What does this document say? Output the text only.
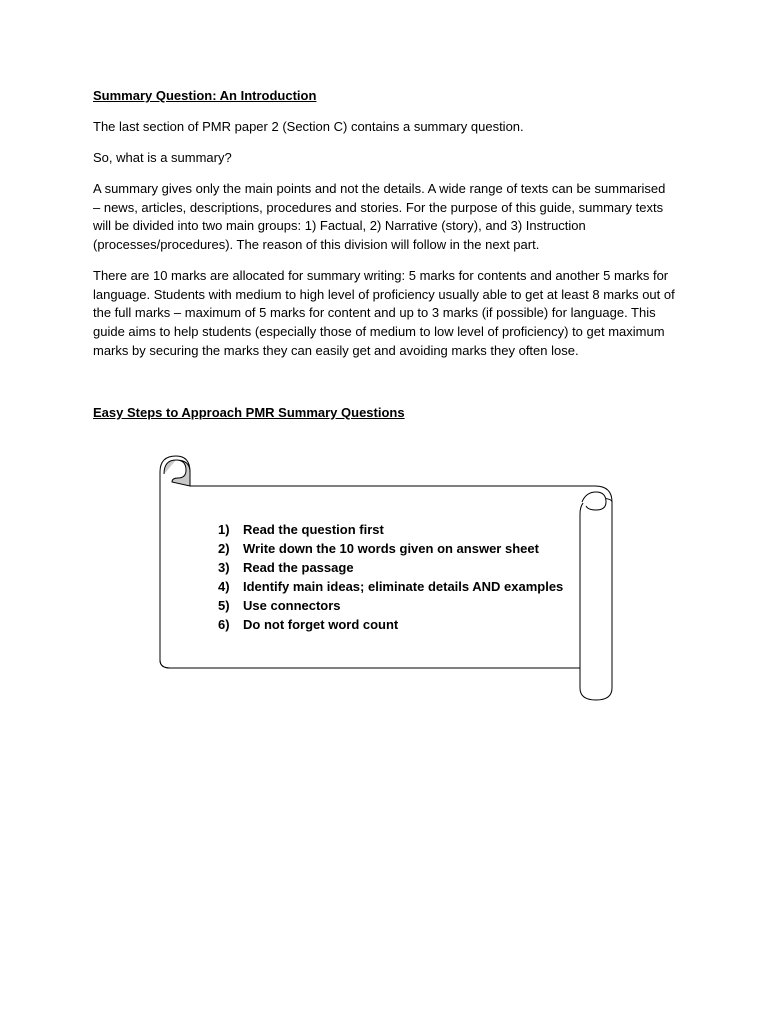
Summary Question: An Introduction

The last section of PMR paper 2 (Section C) contains a summary question.

So, what is a summary?

A summary gives only the main points and not the details. A wide range of texts can be summarised – news, articles, descriptions, procedures and stories. For the purpose of this guide, summary texts will be divided into two main groups: 1) Factual, 2) Narrative (story), and 3) Instruction (processes/procedures). The reason of this division will follow in the next part.

There are 10 marks are allocated for summary writing: 5 marks for contents and another 5 marks for language. Students with medium to high level of proficiency usually able to get at least 8 marks out of the full marks – maximum of 5 marks for content and up to 3 marks (if possible) for language. This guide aims to help students (especially those of medium to low level of proficiency) to get maximum marks by securing the marks they can easily get and avoiding marks they often lose.

Easy Steps to Approach PMR Summary Questions

1)	Read the question first
2)	Write down the 10 words given on answer sheet
3)	Read the passage
4)	Identify main ideas; eliminate details AND examples
5)	Use connectors
6)	Do not forget word count
